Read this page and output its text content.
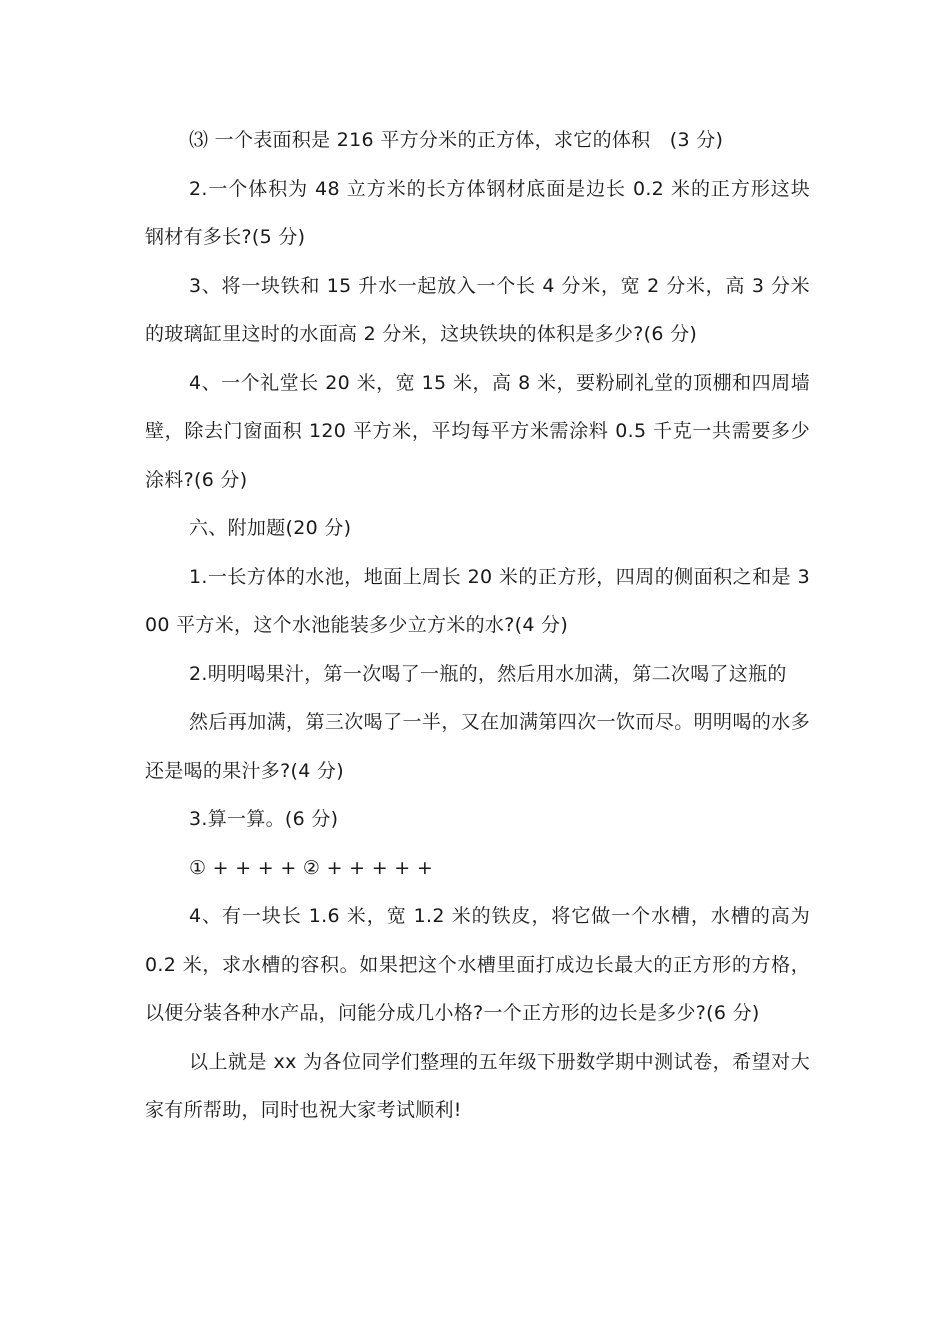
⑶ 一个表面积是 216 平方分米的正方体，求它的体积　(3 分)

2.一个体积为 48 立方米的长方体钢材底面是边长 0.2 米的正方形这块钢材有多长?(5 分)

3、将一块铁和 15 升水一起放入一个长 4 分米，宽 2 分米，高 3 分米的玻璃缸里这时的水面高 2 分米，这块铁块的体积是多少?(6 分)

4、一个礼堂长 20 米，宽 15 米，高 8 米，要粉刷礼堂的顶棚和四周墙壁，除去门窗面积 120 平方米，平均每平方米需涂料 0.5 千克一共需要多少涂料?(6 分)

六、附加题(20 分)

1.一长方体的水池，地面上周长 20 米的正方形，四周的侧面积之和是 300 平方米，这个水池能装多少立方米的水?(4 分)

2.明明喝果汁，第一次喝了一瓶的，然后用水加满，第二次喝了这瓶的

然后再加满，第三次喝了一半，又在加满第四次一饮而尽。明明喝的水多还是喝的果汁多?(4 分)

3.算一算。(6 分)

① + + + + ② + + + + +

4、有一块长 1.6 米，宽 1.2 米的铁皮，将它做一个水槽，水槽的高为 0.2 米，求水槽的容积。如果把这个水槽里面打成边长最大的正方形的方格，以便分装各种水产品，问能分成几小格?一个正方形的边长是多少?(6 分)

以上就是 xx 为各位同学们整理的五年级下册数学期中测试卷，希望对大家有所帮助，同时也祝大家考试顺利!
